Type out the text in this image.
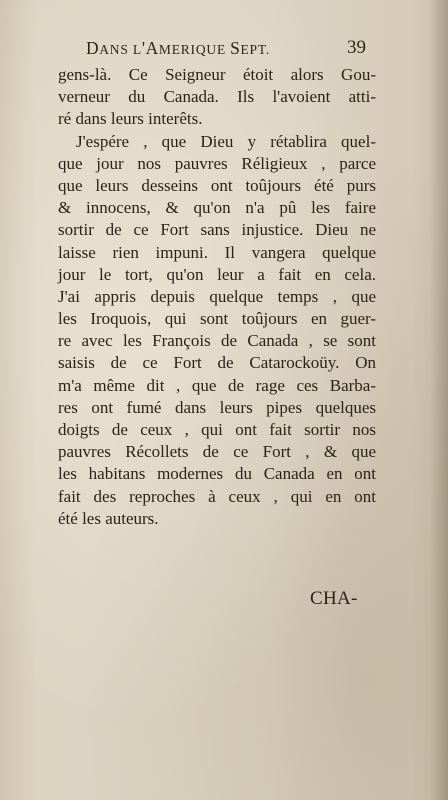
DANS L'AMERIQUE SEPT.	39
gens-là. Ce Seigneur étoit alors Gou-
verneur du Canada. Ils l'avoient atti-
ré dans leurs interêts.
J'espére , que Dieu y rétablira quel-
que jour nos pauvres Réligieux , parce
que leurs desseins ont toûjours été purs
& innocens, & qu'on n'a pû les faire
sortir de ce Fort sans injustice. Dieu ne
laisse rien impuni. Il vangera quelque
jour le tort, qu'on leur a fait en cela.
J'ai appris depuis quelque temps , que
les Iroquois, qui sont toûjours en guer-
re avec les François de Canada , se sont
saisis de ce Fort de Catarockoüy. On
m'a même dit , que de rage ces Barba-
res ont fumé dans leurs pipes quelques
doigts de ceux , qui ont fait sortir nos
pauvres Récollets de ce Fort , & que
les habitans modernes du Canada en ont
fait des reproches à ceux , qui en ont
été les auteurs.
CHA-
